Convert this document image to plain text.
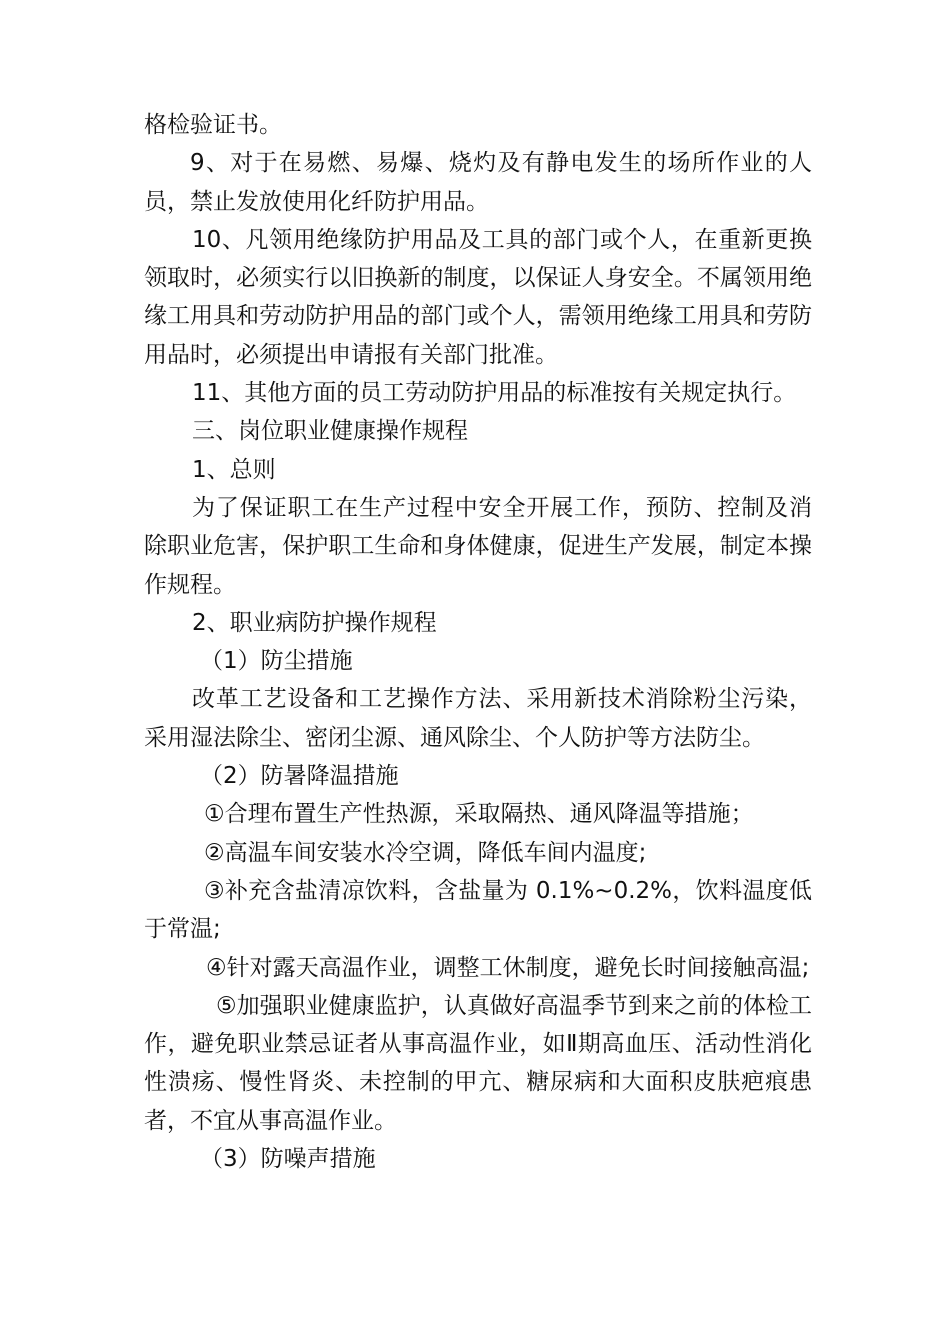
格检验证书。

9、对于在易燃、易爆、烧灼及有静电发生的场所作业的人员，禁止发放使用化纤防护用品。

10、凡领用绝缘防护用品及工具的部门或个人，在重新更换领取时，必须实行以旧换新的制度，以保证人身安全。不属领用绝缘工用具和劳动防护用品的部门或个人，需领用绝缘工用具和劳防用品时，必须提出申请报有关部门批准。

11、其他方面的员工劳动防护用品的标准按有关规定执行。

三、岗位职业健康操作规程

1、总则

为了保证职工在生产过程中安全开展工作，预防、控制及消除职业危害，保护职工生命和身体健康，促进生产发展，制定本操作规程。

2、职业病防护操作规程

（1）防尘措施

改革工艺设备和工艺操作方法、采用新技术消除粉尘污染，采用湿法除尘、密闭尘源、通风除尘、个人防护等方法防尘。

（2）防暑降温措施

①合理布置生产性热源，采取隔热、通风降温等措施；

②高温车间安装水冷空调，降低车间内温度;

③补充含盐清凉饮料，含盐量为 0.1%~0.2%，饮料温度低于常温;

④针对露天高温作业，调整工休制度，避免长时间接触高温;

⑤加强职业健康监护，认真做好高温季节到来之前的体检工作，避免职业禁忌证者从事高温作业，如Ⅱ期高血压、活动性消化性溃疡、慢性肾炎、未控制的甲亢、糖尿病和大面积皮肤疤痕患者，不宜从事高温作业。

（3）防噪声措施
